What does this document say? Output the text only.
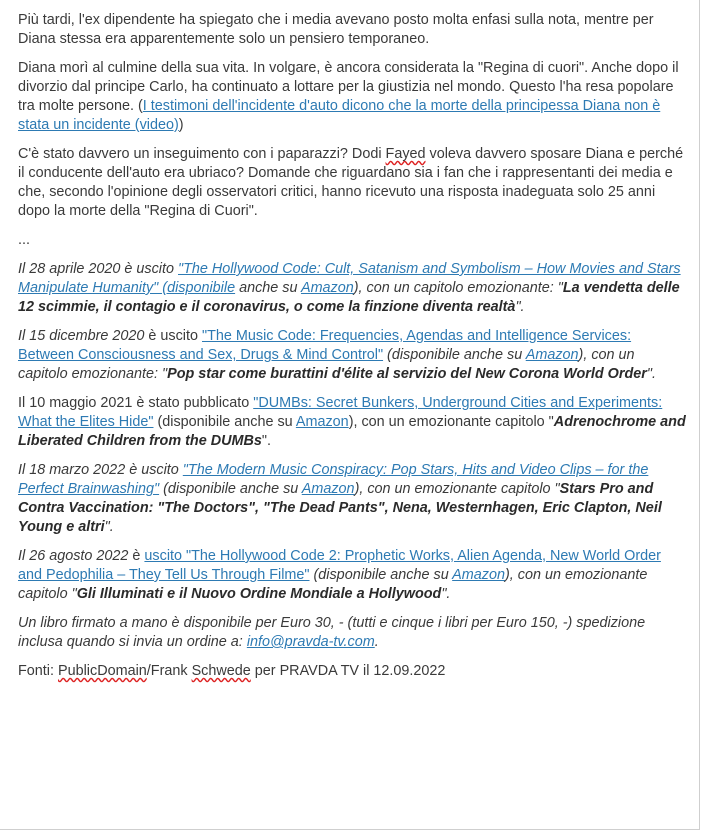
Più tardi, l'ex dipendente ha spiegato che i media avevano posto molta enfasi sulla nota, mentre per Diana stessa era apparentemente solo un pensiero temporaneo.

Diana morì al culmine della sua vita. In volgare, è ancora considerata la "Regina di cuori". Anche dopo il divorzio dal principe Carlo, ha continuato a lottare per la giustizia nel mondo. Questo l'ha resa popolare tra molte persone. (I testimoni dell'incidente d'auto dicono che la morte della principessa Diana non è stata un incidente (video))

C'è stato davvero un inseguimento con i paparazzi? Dodi Fayed voleva davvero sposare Diana e perché il conducente dell'auto era ubriaco? Domande che riguardano sia i fan che i rappresentanti dei media e che, secondo l'opinione degli osservatori critici, hanno ricevuto una risposta inadeguata solo 25 anni dopo la morte della "Regina di Cuori".

...

Il 28 aprile 2020 è uscito "The Hollywood Code: Cult, Satanism and Symbolism – How Movies and Stars Manipulate Humanity" (disponibile anche su Amazon), con un capitolo emozionante: "La vendetta delle 12 scimmie, il contagio e il coronavirus, o come la finzione diventa realtà".

Il 15 dicembre 2020 è uscito "The Music Code: Frequencies, Agendas and Intelligence Services: Between Consciousness and Sex, Drugs & Mind Control" (disponibile anche su Amazon), con un capitolo emozionante: "Pop star come burattini d'élite al servizio del New Corona World Order".

Il 10 maggio 2021 è stato pubblicato "DUMBs: Secret Bunkers, Underground Cities and Experiments: What the Elites Hide" (disponibile anche su Amazon), con un emozionante capitolo "Adrenochrome and Liberated Children from the DUMBs".

Il 18 marzo 2022 è uscito "The Modern Music Conspiracy: Pop Stars, Hits and Video Clips – for the Perfect Brainwashing" (disponibile anche su Amazon), con un emozionante capitolo "Stars Pro and Contra Vaccination: "The Doctors", "The Dead Pants", Nena, Westernhagen, Eric Clapton, Neil Young e altri".

Il 26 agosto 2022 è uscito "The Hollywood Code 2: Prophetic Works, Alien Agenda, New World Order and Pedophilia – They Tell Us Through Filme" (disponibile anche su Amazon), con un emozionante capitolo "Gli Illuminati e il Nuovo Ordine Mondiale a Hollywood".

Un libro firmato a mano è disponibile per Euro 30, - (tutti e cinque i libri per Euro 150, -) spedizione inclusa quando si invia un ordine a: info@pravda-tv.com.

Fonti: PublicDomain/Frank Schwede per PRAVDA TV il 12.09.2022
